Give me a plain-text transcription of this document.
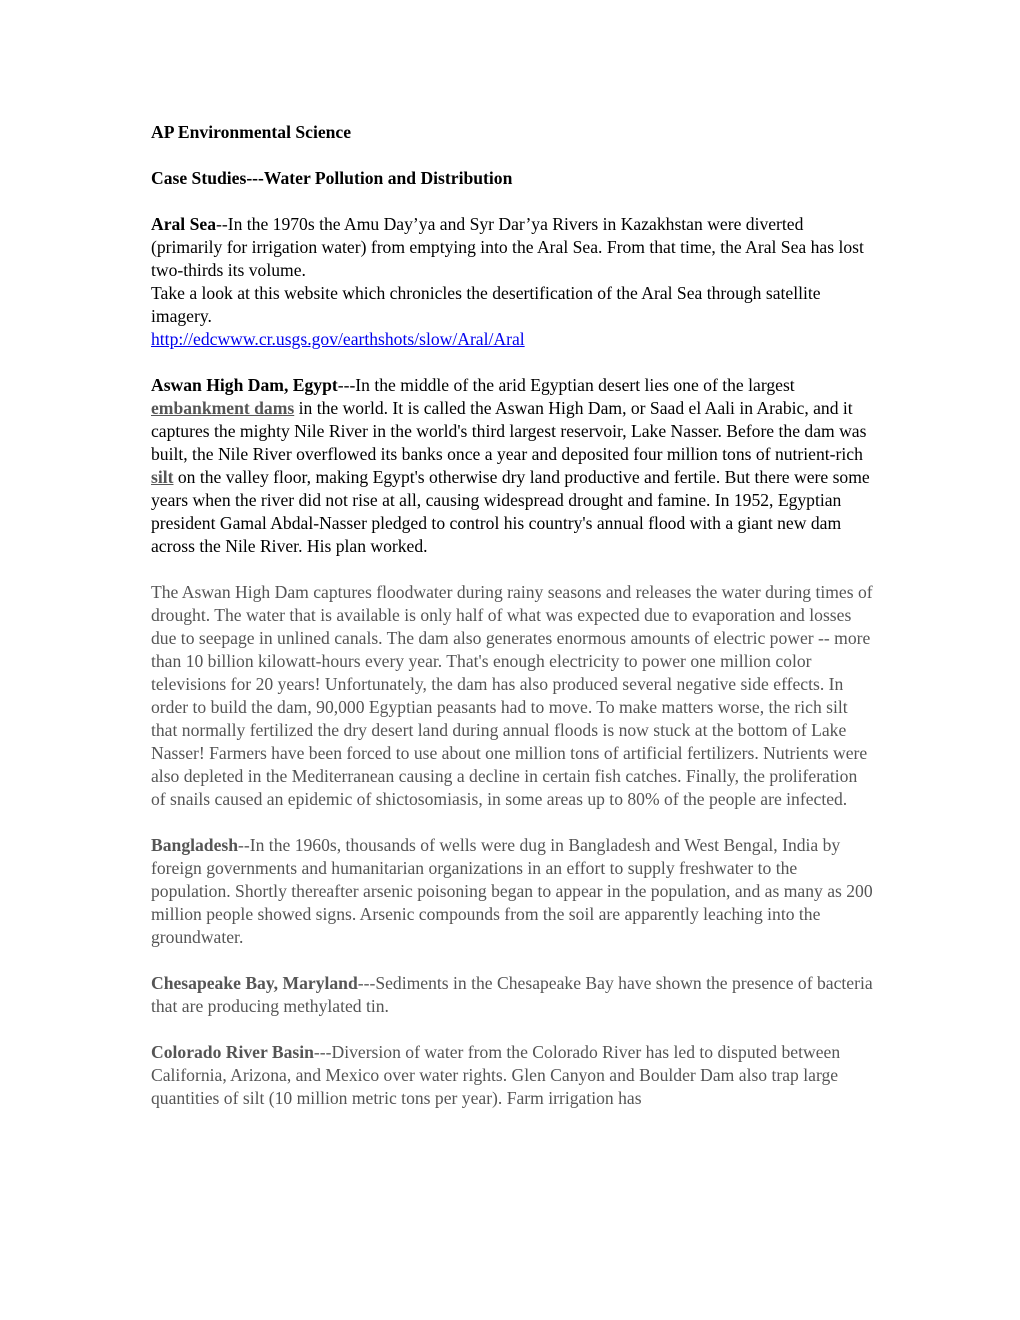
AP Environmental Science

Case Studies---Water Pollution and Distribution

Aral Sea--In the 1970s the Amu Day’ya and Syr Dar’ya Rivers in Kazakhstan were diverted (primarily for irrigation water) from emptying into the Aral Sea. From that time, the Aral Sea has lost two-thirds its volume.

Take a look at this website which chronicles the desertification of the Aral Sea through satellite imagery.

http://edcwww.cr.usgs.gov/earthshots/slow/Aral/Aral

Aswan High Dam, Egypt---In the middle of the arid Egyptian desert lies one of the largest embankment dams in the world. It is called the Aswan High Dam, or Saad el Aali in Arabic, and it captures the mighty Nile River in the world's third largest reservoir, Lake Nasser. Before the dam was built, the Nile River overflowed its banks once a year and deposited four million tons of nutrient-rich silt on the valley floor, making Egypt's otherwise dry land productive and fertile. But there were some years when the river did not rise at all, causing widespread drought and famine. In 1952, Egyptian president Gamal Abdal-Nasser pledged to control his country's annual flood with a giant new dam across the Nile River. His plan worked.

The Aswan High Dam captures floodwater during rainy seasons and releases the water during times of drought. The water that is available is only half of what was expected due to evaporation and losses due to seepage in unlined canals. The dam also generates enormous amounts of electric power -- more than 10 billion kilowatt-hours every year. That's enough electricity to power one million color televisions for 20 years! Unfortunately, the dam has also produced several negative side effects. In order to build the dam, 90,000 Egyptian peasants had to move. To make matters worse, the rich silt that normally fertilized the dry desert land during annual floods is now stuck at the bottom of Lake Nasser! Farmers have been forced to use about one million tons of artificial fertilizers. Nutrients were also depleted in the Mediterranean causing a decline in certain fish catches. Finally, the proliferation of snails caused an epidemic of shictosomiasis, in some areas up to 80% of the people are infected.

Bangladesh--In the 1960s, thousands of wells were dug in Bangladesh and West Bengal, India by foreign governments and humanitarian organizations in an effort to supply freshwater to the population. Shortly thereafter arsenic poisoning began to appear in the population, and as many as 200 million people showed signs. Arsenic compounds from the soil are apparently leaching into the groundwater.

Chesapeake Bay, Maryland---Sediments in the Chesapeake Bay have shown the presence of bacteria that are producing methylated tin.

Colorado River Basin---Diversion of water from the Colorado River has led to disputed between California, Arizona, and Mexico over water rights. Glen Canyon and Boulder Dam also trap large quantities of silt (10 million metric tons per year). Farm irrigation has
